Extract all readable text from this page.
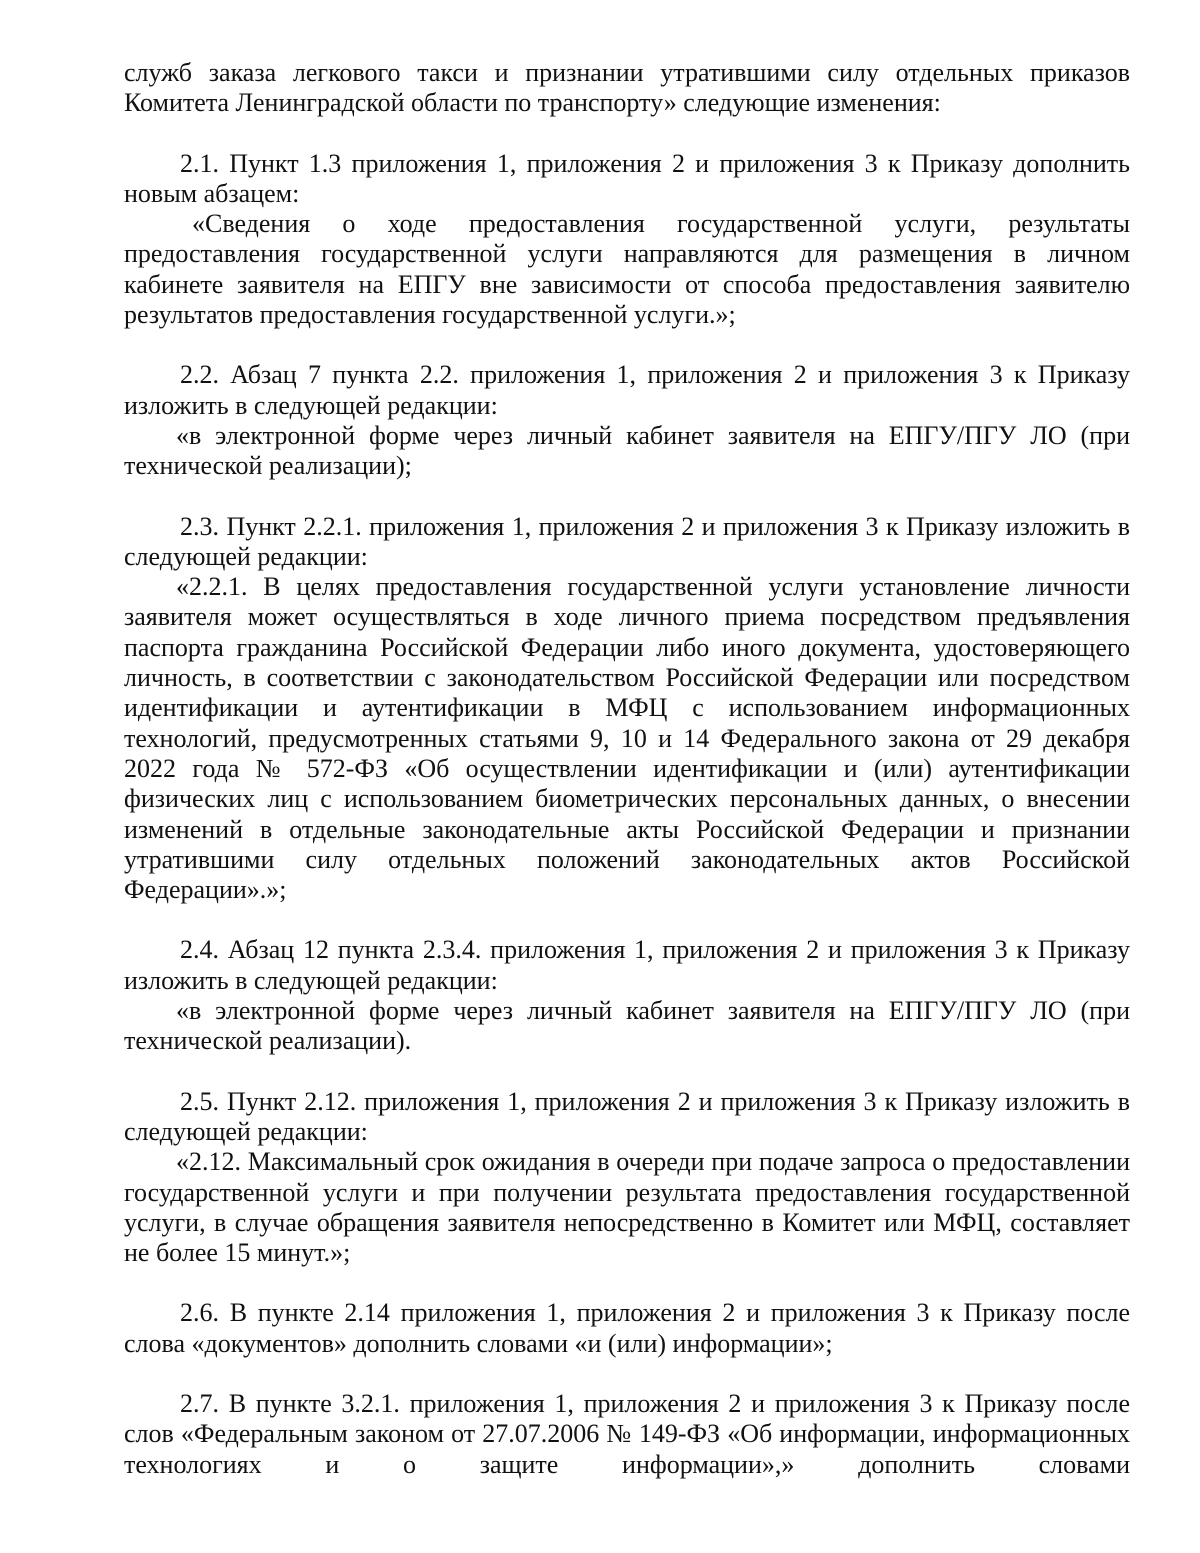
служб заказа легкового такси и признании утратившими силу отдельных приказов Комитета Ленинградской области по транспорту» следующие изменения:

2.1. Пункт 1.3 приложения 1, приложения 2 и приложения 3 к Приказу дополнить новым абзацем:

«Сведения о ходе предоставления государственной услуги, результаты предоставления государственной услуги направляются для размещения в личном кабинете заявителя на ЕПГУ вне зависимости от способа предоставления заявителю результатов предоставления государственной услуги.»;

2.2. Абзац 7 пункта 2.2. приложения 1, приложения 2 и приложения 3 к Приказу изложить в следующей редакции:

«в электронной форме через личный кабинет заявителя на ЕПГУ/ПГУ ЛО (при технической реализации);

2.3. Пункт 2.2.1. приложения 1, приложения 2 и приложения 3 к Приказу изложить в следующей редакции:

«2.2.1. В целях предоставления государственной услуги установление личности заявителя может осуществляться в ходе личного приема посредством предъявления паспорта гражданина Российской Федерации либо иного документа, удостоверяющего личность, в соответствии с законодательством Российской Федерации или посредством идентификации и аутентификации в МФЦ с использованием информационных технологий, предусмотренных статьями 9, 10 и 14 Федерального закона от 29 декабря 2022 года № 572-ФЗ «Об осуществлении идентификации и (или) аутентификации физических лиц с использованием биометрических персональных данных, о внесении изменений в отдельные законодательные акты Российской Федерации и признании утратившими силу отдельных положений законодательных актов Российской Федерации».»;

2.4. Абзац 12 пункта 2.3.4. приложения 1, приложения 2 и приложения 3 к Приказу изложить в следующей редакции:

«в электронной форме через личный кабинет заявителя на ЕПГУ/ПГУ ЛО (при технической реализации).

2.5. Пункт 2.12. приложения 1, приложения 2 и приложения 3 к Приказу изложить в следующей редакции:

«2.12. Максимальный срок ожидания в очереди при подаче запроса о предоставлении государственной услуги и при получении результата предоставления государственной услуги, в случае обращения заявителя непосредственно в Комитет или МФЦ, составляет не более 15 минут.»;

2.6. В пункте 2.14 приложения 1, приложения 2 и приложения 3 к Приказу после слова «документов» дополнить словами «и (или) информации»;

2.7. В пункте 3.2.1. приложения 1, приложения 2 и приложения 3 к Приказу после слов «Федеральным законом от 27.07.2006 № 149-ФЗ «Об информации, информационных технологиях и о защите информации»,» дополнить словами
